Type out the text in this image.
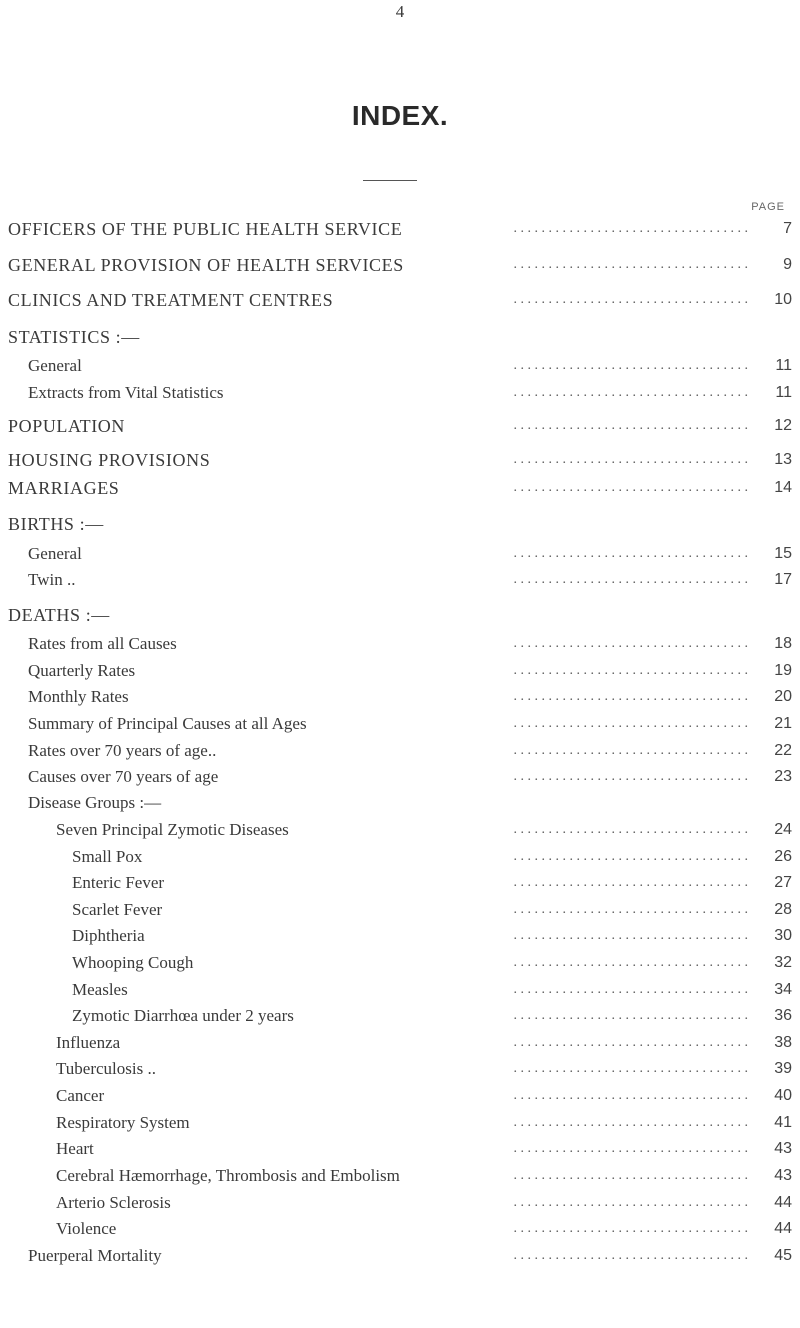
4
INDEX.
PAGE
OFFICERS OF THE PUBLIC HEALTH SERVICE	. . . . . . . . . . . . . . . . . . . . . . . . . . . . . . . . . .	7
GENERAL PROVISION OF HEALTH SERVICES	. . . . . . . . . . . . . . . . . . . . . . . . . . . . . . . . . .	9
CLINICS AND TREATMENT CENTRES	. . . . . . . . . . . . . . . . . . . . . . . . . . . . . . . . . .	10
STATISTICS :—
General	. . . . . . . . . . . . . . . . . . . . . . . . . . . . . . . . . .	11
Extracts from Vital Statistics	. . . . . . . . . . . . . . . . . . . . . . . . . . . . . . . . . .	11
POPULATION	. . . . . . . . . . . . . . . . . . . . . . . . . . . . . . . . . .	12
HOUSING PROVISIONS	. . . . . . . . . . . . . . . . . . . . . . . . . . . . . . . . . .	13
MARRIAGES	. . . . . . . . . . . . . . . . . . . . . . . . . . . . . . . . . .	14
BIRTHS :—
General	. . . . . . . . . . . . . . . . . . . . . . . . . . . . . . . . . .	15
Twin ..	. . . . . . . . . . . . . . . . . . . . . . . . . . . . . . . . . .	17
DEATHS :—
Rates from all Causes	. . . . . . . . . . . . . . . . . . . . . . . . . . . . . . . . . .	18
Quarterly Rates	. . . . . . . . . . . . . . . . . . . . . . . . . . . . . . . . . .	19
Monthly Rates	. . . . . . . . . . . . . . . . . . . . . . . . . . . . . . . . . .	20
Summary of Principal Causes at all Ages	. . . . . . . . . . . . . . . . . . . . . . . . . . . . . . . . . .	21
Rates over 70 years of age..	. . . . . . . . . . . . . . . . . . . . . . . . . . . . . . . . . .	22
Causes over 70 years of age	. . . . . . . . . . . . . . . . . . . . . . . . . . . . . . . . . .	23
Disease Groups :—
Seven Principal Zymotic Diseases	. . . . . . . . . . . . . . . . . . . . . . . . . . . . . . . . . .	24
Small Pox	. . . . . . . . . . . . . . . . . . . . . . . . . . . . . . . . . .	26
Enteric Fever	. . . . . . . . . . . . . . . . . . . . . . . . . . . . . . . . . .	27
Scarlet Fever	. . . . . . . . . . . . . . . . . . . . . . . . . . . . . . . . . .	28
Diphtheria	. . . . . . . . . . . . . . . . . . . . . . . . . . . . . . . . . .	30
Whooping Cough	. . . . . . . . . . . . . . . . . . . . . . . . . . . . . . . . . .	32
Measles	. . . . . . . . . . . . . . . . . . . . . . . . . . . . . . . . . .	34
Zymotic Diarrhœa under 2 years	. . . . . . . . . . . . . . . . . . . . . . . . . . . . . . . . . .	36
Influenza	. . . . . . . . . . . . . . . . . . . . . . . . . . . . . . . . . .	38
Tuberculosis ..	. . . . . . . . . . . . . . . . . . . . . . . . . . . . . . . . . .	39
Cancer	. . . . . . . . . . . . . . . . . . . . . . . . . . . . . . . . . .	40
Respiratory System	. . . . . . . . . . . . . . . . . . . . . . . . . . . . . . . . . .	41
Heart	. . . . . . . . . . . . . . . . . . . . . . . . . . . . . . . . . .	43
Cerebral Hæmorrhage, Thrombosis and Embolism	. . . . . . . . . . . . . . . . . . . . . . . . . . . . . . . . . .	43
Arterio Sclerosis	. . . . . . . . . . . . . . . . . . . . . . . . . . . . . . . . . .	44
Violence	. . . . . . . . . . . . . . . . . . . . . . . . . . . . . . . . . .	44
Puerperal Mortality	. . . . . . . . . . . . . . . . . . . . . . . . . . . . . . . . . .	45
